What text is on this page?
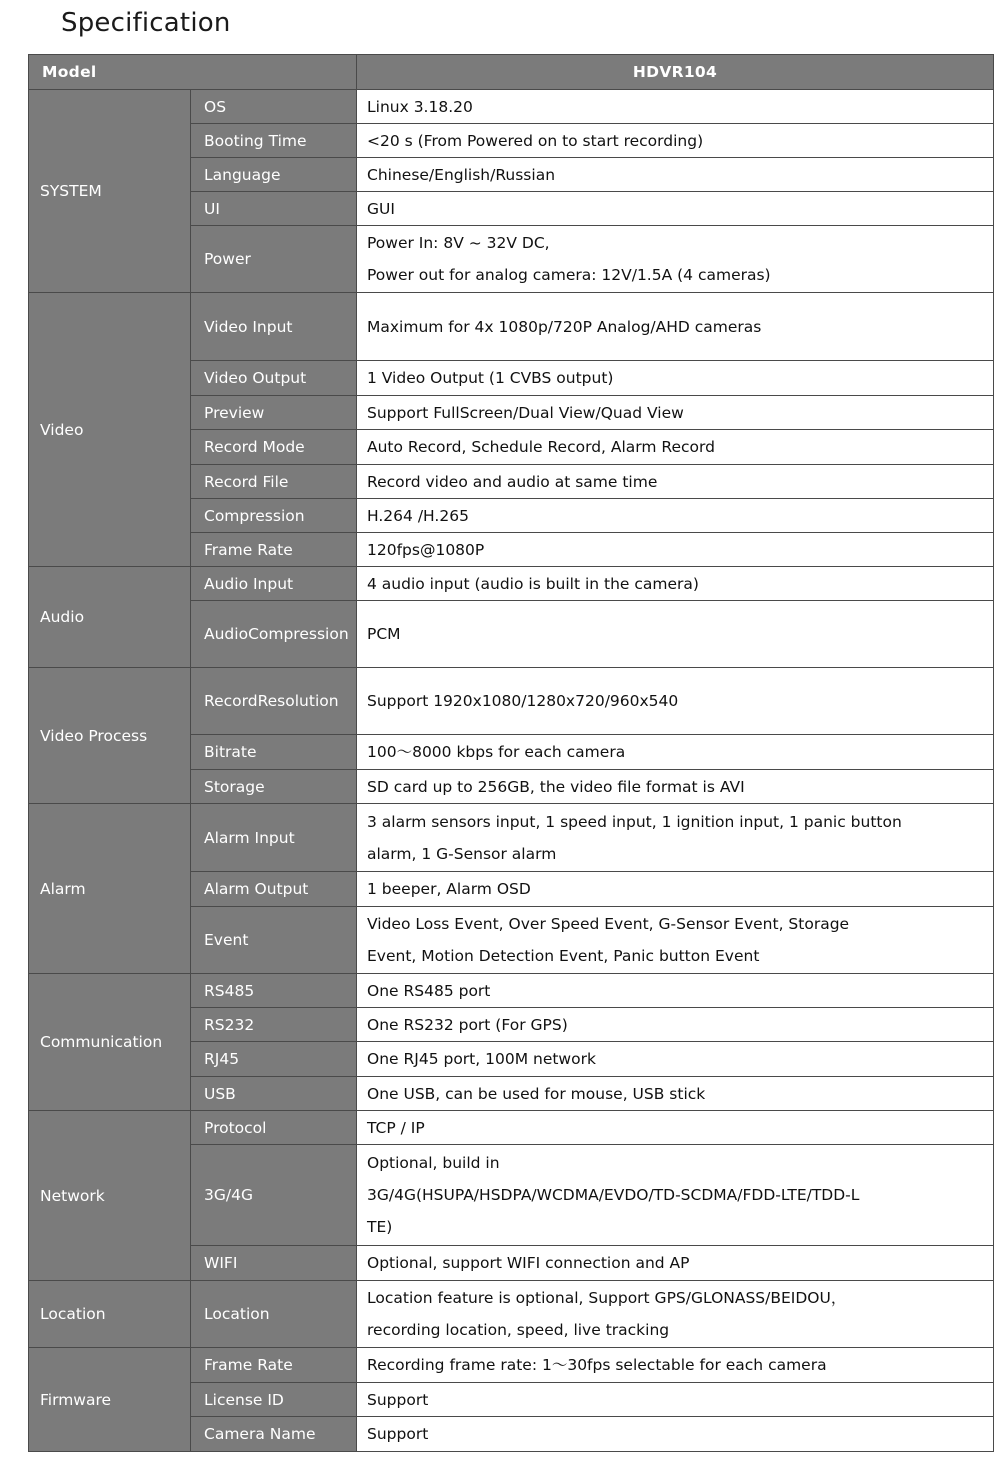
Specification
Model		HDVR104
SYSTEM	OS	Linux 3.18.20

	Booting Time	<20 s (From Powered on to start recording)

	Language	Chinese/English/Russian

	UI	GUI

	Power	Power In: 8V ~ 32V DC,
Power out for analog camera: 12V/1.5A (4 cameras)

Video	Video Input	Maximum for 4x 1080p/720P Analog/AHD cameras

	Video Output	1 Video Output (1 CVBS output)

	Preview	Support FullScreen/Dual View/Quad View

	Record Mode	Auto Record, Schedule Record, Alarm Record

	Record File	Record video and audio at same time

	Compression	H.264 /H.265

	Frame Rate	120fps@1080P

Audio	Audio Input	4 audio input (audio is built in the camera)

	AudioCompression	PCM

Video Process	RecordResolution	Support 1920x1080/1280x720/960x540

	Bitrate	100～8000 kbps for each camera

	Storage	SD card up to 256GB, the video file format is AVI

Alarm	Alarm Input	3 alarm sensors input, 1 speed input, 1 ignition input, 1 panic button
alarm, 1 G-Sensor alarm

	Alarm Output	1 beeper, Alarm OSD

	Event	Video Loss Event, Over Speed Event, G-Sensor Event, Storage
Event, Motion Detection Event, Panic button Event

Communication	RS485	One RS485 port

	RS232	One RS232 port (For GPS)

	RJ45	One RJ45 port, 100M network

	USB	One USB, can be used for mouse, USB stick

Network	Protocol	TCP / IP

	3G/4G	Optional, build in
3G/4G(HSUPA/HSDPA/WCDMA/EVDO/TD-SCDMA/FDD-LTE/TDD-L
TE)

	WIFI	Optional, support WIFI connection and AP

Location	Location	Location feature is optional, Support GPS/GLONASS/BEIDOU，
recording location, speed, live tracking

Firmware	Frame Rate	Recording frame rate: 1～30fps selectable for each camera

	License ID	Support

	Camera Name	Support
